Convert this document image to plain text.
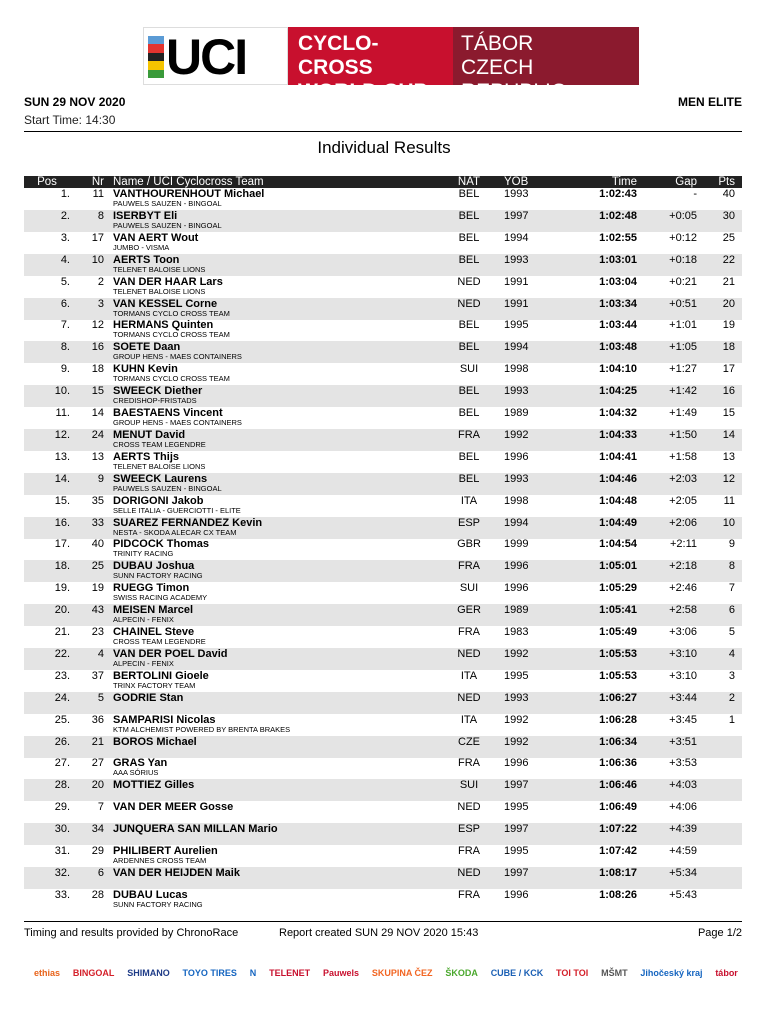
UCI CYCLO-CROSS
WORLD CUP
TÁBOR
CZECH REPUBLIC
SUN 29 NOV 2020
Start Time: 14:30
MEN ELITE
Individual Results
Pos	Nr Name / UCI Cyclocross Team	NAT	YOB	Time	Gap	Pts
1.	11 VANTHOURENHOUT Michael
PAUWELS SAUZEN - BINGOAL
BEL	1993	1:02:43	-	40
2.	8 ISERBYT Eli
PAUWELS SAUZEN - BINGOAL
BEL	1997	1:02:48	+0:05	30
3.	17 VAN AERT Wout
JUMBO - VISMA
BEL	1994	1:02:55	+0:12	25
4.	10 AERTS Toon
TELENET BALOISE LIONS
BEL	1993	1:03:01	+0:18	22
5.	2 VAN DER HAAR Lars
TELENET BALOISE LIONS
NED	1991	1:03:04	+0:21	21
6.	3 VAN KESSEL Corne
TORMANS CYCLO CROSS TEAM
NED	1991	1:03:34	+0:51	20
7.	12 HERMANS Quinten
TORMANS CYCLO CROSS TEAM
BEL	1995	1:03:44	+1:01	19
8.	16 SOETE Daan
GROUP HENS - MAES CONTAINERS
BEL	1994	1:03:48	+1:05	18
9.	18 KUHN Kevin
TORMANS CYCLO CROSS TEAM
SUI	1998	1:04:10	+1:27	17
10.	15 SWEECK Diether
CREDISHOP-FRISTADS
BEL	1993	1:04:25	+1:42	16
11.	14 BAESTAENS Vincent
GROUP HENS - MAES CONTAINERS
BEL	1989	1:04:32	+1:49	15
12.	24 MENUT David
CROSS TEAM LEGENDRE
FRA	1992	1:04:33	+1:50	14
13.	13 AERTS Thijs
TELENET BALOISE LIONS
BEL	1996	1:04:41	+1:58	13
14.	9 SWEECK Laurens
PAUWELS SAUZEN - BINGOAL
BEL	1993	1:04:46	+2:03	12
15.	35 DORIGONI Jakob
SELLE ITALIA - GUERCIOTTI - ELITE
ITA	1998	1:04:48	+2:05	11
16.	33 SUAREZ FERNANDEZ Kevin
NESTA - SKODA ALECAR CX TEAM
ESP	1994	1:04:49	+2:06	10
17.	40 PIDCOCK Thomas
TRINITY RACING
GBR	1999	1:04:54	+2:11	9
18.	25 DUBAU Joshua
SUNN FACTORY RACING
FRA	1996	1:05:01	+2:18	8
19.	19 RUEGG Timon
SWISS RACING ACADEMY
SUI	1996	1:05:29	+2:46	7
20.	43 MEISEN Marcel
ALPECIN - FENIX
GER	1989	1:05:41	+2:58	6
21.	23 CHAINEL Steve
CROSS TEAM LEGENDRE
FRA	1983	1:05:49	+3:06	5
22.	4 VAN DER POEL David
ALPECIN - FENIX
NED	1992	1:05:53	+3:10	4
23.	37 BERTOLINI Gioele
TRINX FACTORY TEAM
ITA	1995	1:05:53	+3:10	3
24.	5 GODRIE Stan	NED	1993	1:06:27	+3:44	2
25.	36 SAMPARISI Nicolas
KTM ALCHEMIST POWERED BY BRENTA BRAKES
ITA	1992	1:06:28	+3:45	1
26.	21 BOROS Michael	CZE	1992	1:06:34	+3:51
27.	27 GRAS Yan
AAA SÓRIUS
FRA	1996	1:06:36	+3:53
28.	20 MOTTIEZ Gilles	SUI	1997	1:06:46	+4:03
29.	7 VAN DER MEER Gosse	NED	1995	1:06:49	+4:06
30.	34 JUNQUERA SAN MILLAN Mario	ESP	1997	1:07:22	+4:39
31.	29 PHILIBERT Aurelien
ARDENNES CROSS TEAM
FRA	1995	1:07:42	+4:59
32.	6 VAN DER HEIJDEN Maik	NED	1997	1:08:17	+5:34
33.	28 DUBAU Lucas
SUNN FACTORY RACING
FRA	1996	1:08:26	+5:43
Timing and results provided by ChronoRace	Report created SUN 29 NOV 2020 15:43	Page 1/2
ethias	BINGOAL	SHIMANO	TOYO TIRES	N	TELENET	Pauwels	SKUPINA ČEZ	ŠKODA	CUBE / KCK	TOI TOI	MŠMT	Jihočeský kraj	tábor
